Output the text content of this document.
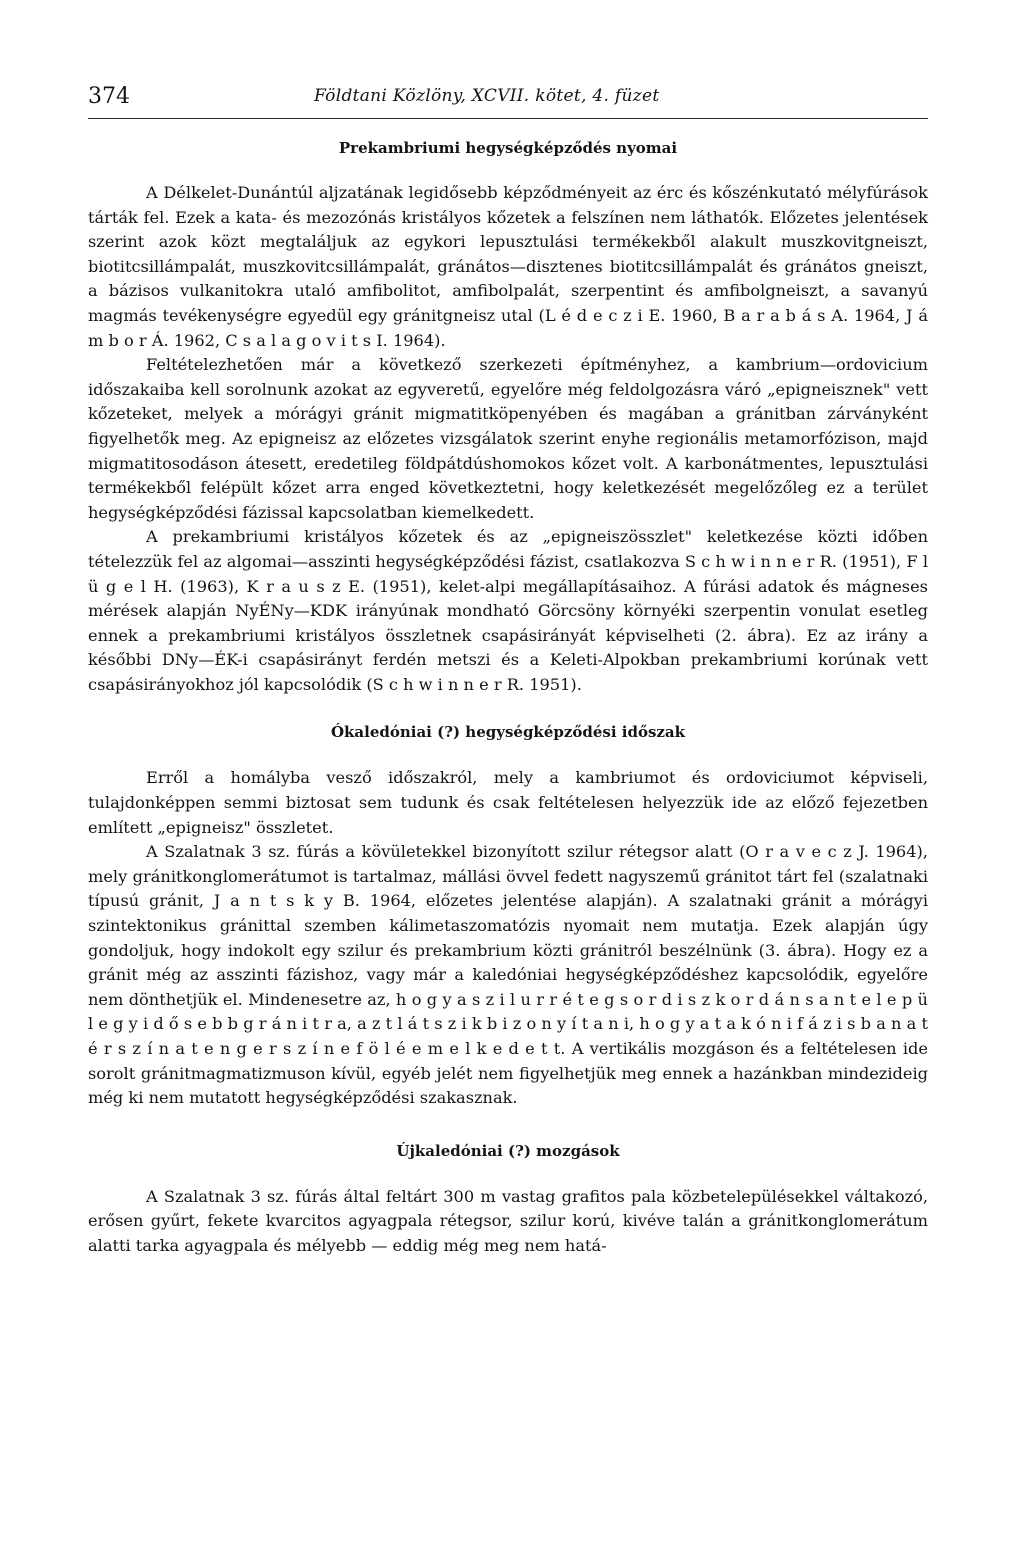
374	Földtani Közlöny, XCVII. kötet, 4. füzet
Prekambriumi hegységképződés nyomai

A Délkelet-Dunántúl aljzatának legidősebb képződményeit az érc és kőszénkutató mélyfúrások tárták fel. Ezek a kata- és mezozónás kristályos kőzetek a felszínen nem láthatók. Előzetes jelentések szerint azok közt megtaláljuk az egykori lepusztulási termékekből alakult muszkovitgneiszt, biotitcsillámpalát, muszkovitcsillámpalát, gránátos—disztenes biotitcsillámpalát és gránátos gneiszt, a bázisos vulkanitokra utaló amfibolitot, amfibolpalát, szerpentint és amfibolgneiszt, a savanyú magmás tevékenységre egyedül egy gránitgneisz utal (L é d e c z i E. 1960, B a r a b á s A. 1964, J á m b o r Á. 1962, C s a l a g o v i t s I. 1964).

Feltételezhetően már a következő szerkezeti építményhez, a kambrium—ordovicium időszakaiba kell sorolnunk azokat az egyveretű, egyelőre még feldolgozásra váró „epigneisznek" vett kőzeteket, melyek a mórágyi gránit migmatitköpenyében és magában a gránitban zárványként figyelhetők meg. Az epigneisz az előzetes vizsgálatok szerint enyhe regionális metamorfózison, majd migmatitosodáson átesett, eredetileg földpátdúshomokos kőzet volt. A karbonátmentes, lepusztulási termékekből felépült kőzet arra enged következtetni, hogy keletkezését megelőzőleg ez a terület hegységképződési fázissal kapcsolatban kiemelkedett.

A prekambriumi kristályos kőzetek és az „epigneiszösszlet" keletkezése közti időben tételezzük fel az algomai—asszinti hegységképződési fázist, csatlakozva S c h w i n n e r R. (1951), F l ü g e l H. (1963), K r a u s z E. (1951), kelet-alpi megállapításaihoz. A fúrási adatok és mágneses mérések alapján NyÉNy—KDK irányúnak mondható Görcsöny környéki szerpentin vonulat esetleg ennek a prekambriumi kristályos összletnek csapásirányát képviselheti (2. ábra). Ez az irány a későbbi DNy—ÉK-i csapásirányt ferdén metszi és a Keleti-Alpokban prekambriumi korúnak vett csapásirányokhoz jól kapcsolódik (S c h w i n n e r R. 1951).

Ókaledóniai (?) hegységképződési időszak

Erről a homályba vesző időszakról, mely a kambriumot és ordoviciumot képviseli, tulajdonképpen semmi biztosat sem tudunk és csak feltételesen helyezzük ide az előző fejezetben említett „epigneisz" összletet.

A Szalatnak 3 sz. fúrás a kövületekkel bizonyított szilur rétegsor alatt (O r a v e c z J. 1964), mely gránitkonglomerátumot is tartalmaz, mállási övvel fedett nagyszemű gránitot tárt fel (szalatnaki típusú gránit, J a n t s k y B. 1964, előzetes jelentése alapján). A szalatnaki gránit a mórágyi szintektonikus gránittal szemben kálimetaszomatózis nyomait nem mutatja. Ezek alapján úgy gondoljuk, hogy indokolt egy szilur és prekambrium közti gránitról beszélnünk (3. ábra). Hogy ez a gránit még az asszinti fázishoz, vagy már a kaledóniai hegységképződéshez kapcsolódik, egyelőre nem dönthetjük el. Mindenesetre az, h o g y a s z i l u r r é t e g s o r d i s z k o r d á n s a n t e l e p ü l e g y i d ő s e b b g r á n i t r a, a z t l á t s z i k b i z o n y í t a n i, h o g y a t a k ó n i f á z i s b a n a t é r s z í n a t e n g e r s z í n e f ö l é e m e l k e d e t t. A vertikális mozgáson és a feltételesen ide sorolt gránitmagmatizmuson kívül, egyéb jelét nem figyelhetjük meg ennek a hazánkban mindezideig még ki nem mutatott hegységképződési szakasznak.

Újkaledóniai (?) mozgások

A Szalatnak 3 sz. fúrás által feltárt 300 m vastag grafitos pala közbetelepülésekkel váltakozó, erősen gyűrt, fekete kvarcitos agyagpala rétegsor, szilur korú, kivéve talán a gránitkonglomerátum alatti tarka agyagpala és mélyebb — eddig még meg nem hatá-
